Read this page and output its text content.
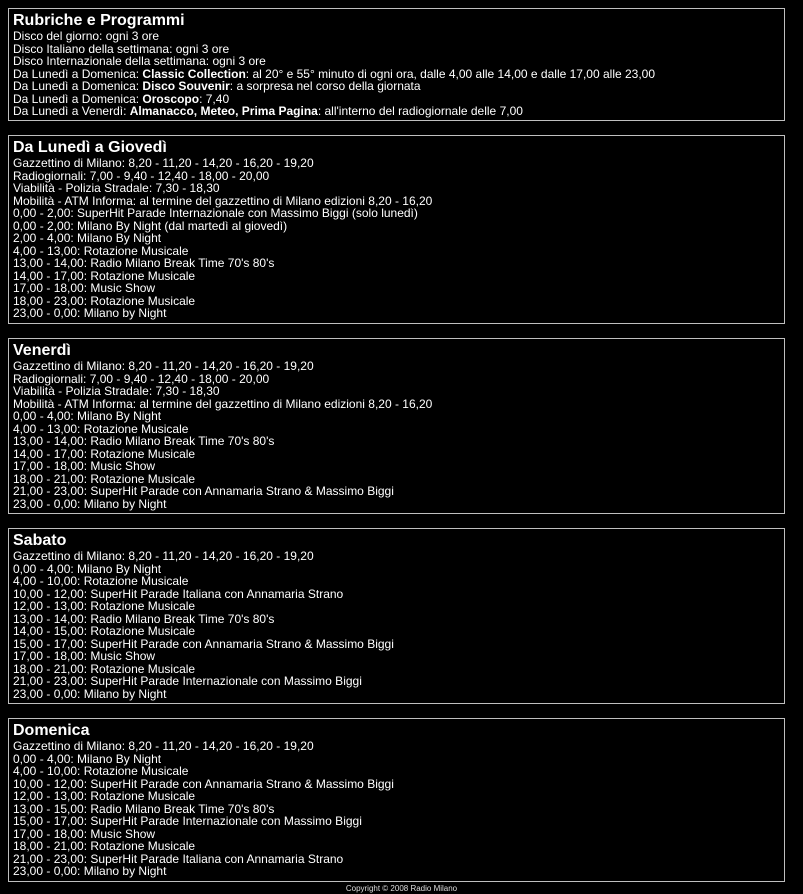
Rubriche e Programmi
Disco del giorno: ogni 3 ore
Disco Italiano della settimana: ogni 3 ore
Disco Internazionale della settimana: ogni 3 ore
Da Lunedì a Domenica: Classic Collection: al 20° e 55° minuto di ogni ora, dalle 4,00 alle 14,00 e dalle 17,00 alle 23,00
Da Lunedì a Domenica: Disco Souvenir: a sorpresa nel corso della giornata
Da Lunedì a Domenica: Oroscopo: 7,40
Da Lunedì a Venerdì: Almanacco, Meteo, Prima Pagina: all'interno del radiogiornale delle 7,00
Da Lunedì a Giovedì
Gazzettino di Milano: 8,20 - 11,20 - 14,20 - 16,20 - 19,20
Radiogiornali: 7,00 - 9,40 - 12,40 - 18,00 - 20,00
Viabilità - Polizia Stradale: 7,30 - 18,30
Mobilità - ATM Informa: al termine del gazzettino di Milano edizioni 8,20 - 16,20
0,00 - 2,00: SuperHit Parade Internazionale con Massimo Biggi (solo lunedì)
0,00 - 2,00: Milano By Night (dal martedì al giovedì)
2,00 - 4,00: Milano By Night
4,00 - 13,00: Rotazione Musicale
13,00 - 14,00: Radio Milano Break Time 70's 80's
14,00 - 17,00: Rotazione Musicale
17,00 - 18,00: Music Show
18,00 - 23,00: Rotazione Musicale
23,00 - 0,00: Milano by Night
Venerdì
Gazzettino di Milano: 8,20 - 11,20 - 14,20 - 16,20 - 19,20
Radiogiornali: 7,00 - 9,40 - 12,40 - 18,00 - 20,00
Viabilità - Polizia Stradale: 7,30 - 18,30
Mobilità - ATM Informa: al termine del gazzettino di Milano edizioni 8,20 - 16,20
0,00 - 4,00: Milano By Night
4,00 - 13,00: Rotazione Musicale
13,00 - 14,00: Radio Milano Break Time 70's 80's
14,00 - 17,00: Rotazione Musicale
17,00 - 18,00: Music Show
18,00 - 21,00: Rotazione Musicale
21,00 - 23,00: SuperHit Parade con Annamaria Strano & Massimo Biggi
23,00 - 0,00: Milano by Night
Sabato
Gazzettino di Milano: 8,20 - 11,20 - 14,20 - 16,20 - 19,20
0,00 - 4,00: Milano By Night
4,00 - 10,00: Rotazione Musicale
10,00 - 12,00: SuperHit Parade Italiana con Annamaria Strano
12,00 - 13,00: Rotazione Musicale
13,00 - 14,00: Radio Milano Break Time 70's 80's
14,00 - 15,00: Rotazione Musicale
15,00 - 17,00: SuperHit Parade con Annamaria Strano & Massimo Biggi
17,00 - 18,00: Music Show
18,00 - 21,00: Rotazione Musicale
21,00 - 23,00: SuperHit Parade Internazionale con Massimo Biggi
23,00 - 0,00: Milano by Night
Domenica
Gazzettino di Milano: 8,20 - 11,20 - 14,20 - 16,20 - 19,20
0,00 - 4,00: Milano By Night
4,00 - 10,00: Rotazione Musicale
10,00 - 12,00: SuperHit Parade con Annamaria Strano & Massimo Biggi
12,00 - 13,00: Rotazione Musicale
13,00 - 15,00: Radio Milano Break Time 70's 80's
15,00 - 17,00: SuperHit Parade Internazionale con Massimo Biggi
17,00 - 18,00: Music Show
18,00 - 21,00: Rotazione Musicale
21,00 - 23,00: SuperHit Parade Italiana con Annamaria Strano
23,00 - 0,00: Milano by Night
Copyright © 2008 Radio Milano
